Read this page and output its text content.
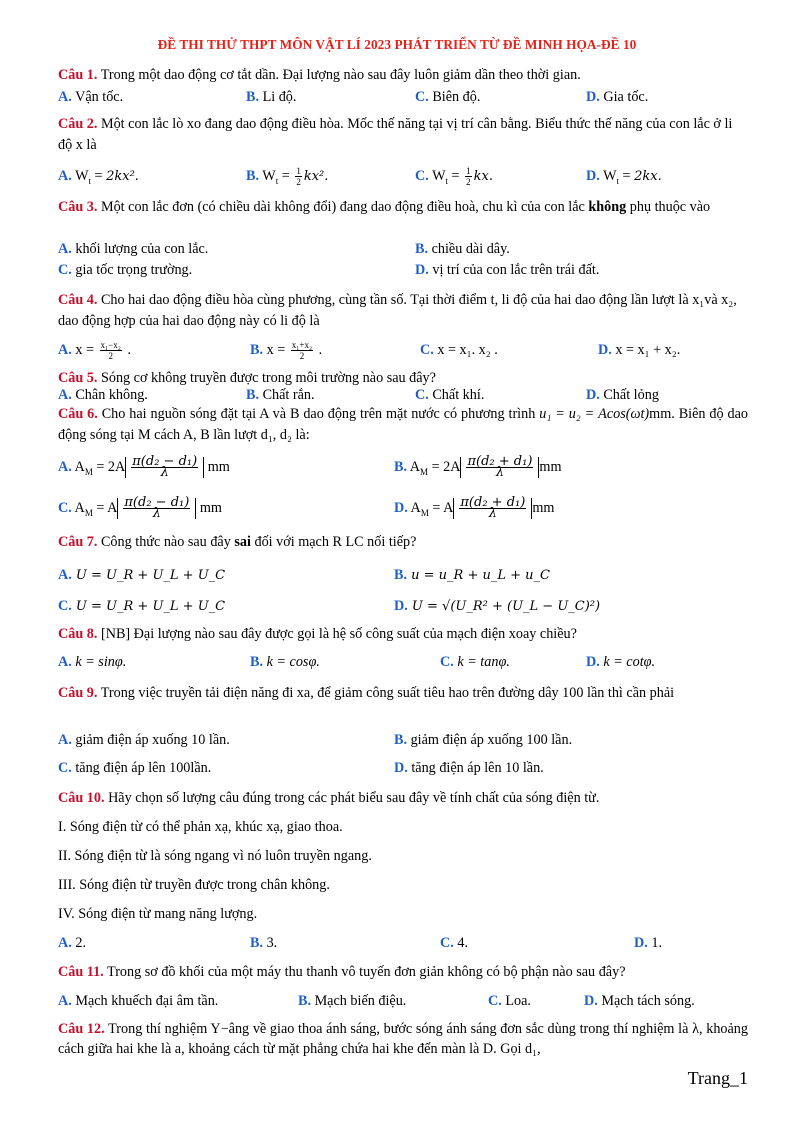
ĐỀ THI THỬ THPT MÔN VẬT LÍ 2023 PHÁT TRIỂN TỪ ĐỀ MINH HỌA-ĐỀ 10
Câu 1. Trong một dao động cơ tắt dần. Đại lượng nào sau đây luôn giảm dần theo thời gian.
A. Vận tốc.	B. Li độ.	C. Biên độ.	D. Gia tốc.
Câu 2. Một con lắc lò xo đang dao động điều hòa. Mốc thế năng tại vị trí cân bằng. Biểu thức thế năng của con lắc ở li độ x là
A. $W_t = 2kx^2$.	B. $W_t = \frac{1}{2} kx^2$.	C. $W_t = \frac{1}{2}$ kx.	D. $W_t = 2kx$.
Câu 3. Một con lắc đơn (có chiều dài không đổi) đang dao động điều hoà, chu kì của con lắc không phụ thuộc vào
A. khối lượng của con lắc.	B. chiều dài dây.
C. gia tốc trọng trường.	D. vị trí của con lắc trên trái đất.
Câu 4. Cho hai dao động điều hòa cùng phương, cùng tần số. Tại thời điểm t, li độ của hai dao động lần lượt là x₁và x₂, dao động hợp của hai dao động này có li độ là
A. $x = \frac{\text{x₁−x₂}}{2}$ .	B. $x = \frac{\text{x₁+x₂}}{2}$ .	C. x = x₁. x₂ .	D. x = x₁ + x₂.
Câu 5. Sóng cơ không truyền được trong môi trường nào sau đây?
A. Chân không.	B. Chất rắn.	C. Chất khí.	D. Chất lỏng
Câu 6. Cho hai nguồn sóng đặt tại A và B dao động trên mặt nước có phương trình u₁ = u₂ = Acos(ωt)mm. Biên độ dao động sóng tại M cách A, B lần lượt d₁, d₂ là:
A. $A_M = 2A \frac{\text{π(d₂ − d₁)}}{\lambda}$ mm	B. $A_M = 2A \frac{\text{π(d₂ + d₁)}}{\lambda}$ mm
C. $A_M = A \frac{\text{π(d₂ − d₁)}}{\lambda}$ mm	D. $A_M = A \frac{\text{π(d₂ + d₁)}}{\lambda}$ mm
Câu 7. Công thức nào sau đây sai đối với mạch R LC nối tiếp?
A. U = U_R + U_L + U_C	B. u = u_R + u_L + u_C
C. U = U_R + U_L + U_C	D. U = √(U_R² + (U_L − U_C)²)
Câu 8. [NB] Đại lượng nào sau đây được gọi là hệ số công suất của mạch điện xoay chiều?
A. k = sinφ.	B. k = cosφ.	C. k = tanφ.	D. k = cotφ.
Câu 9. Trong việc truyền tải điện năng đi xa, để giảm công suất tiêu hao trên đường dây 100 lần thì cần phải
A. giảm điện áp xuống 10 lần.	B. giảm điện áp xuống 100 lần.
C. tăng điện áp lên 100lần.	D. tăng điện áp lên 10 lần.
Câu 10. Hãy chọn số lượng câu đúng trong các phát biểu sau đây về tính chất của sóng điện từ.
I. Sóng điện từ có thể phản xạ, khúc xạ, giao thoa.
II. Sóng điện từ là sóng ngang vì nó luôn truyền ngang.
III. Sóng điện từ truyền được trong chân không.
IV. Sóng điện từ mang năng lượng.
A. 2.	B. 3.	C. 4.	D. 1.
Câu 11. Trong sơ đồ khối của một máy thu thanh vô tuyến đơn giản không có bộ phận nào sau đây?
A. Mạch khuếch đại âm tần.	B. Mạch biến điệu.	C. Loa.	D. Mạch tách sóng.
Câu 12. Trong thí nghiệm Y−âng về giao thoa ánh sáng, bước sóng ánh sáng đơn sắc dùng trong thí nghiệm là λ, khoảng cách giữa hai khe là a, khoảng cách từ mặt phẳng chứa hai khe đến màn là D. Gọi d₁,
Trang_1
